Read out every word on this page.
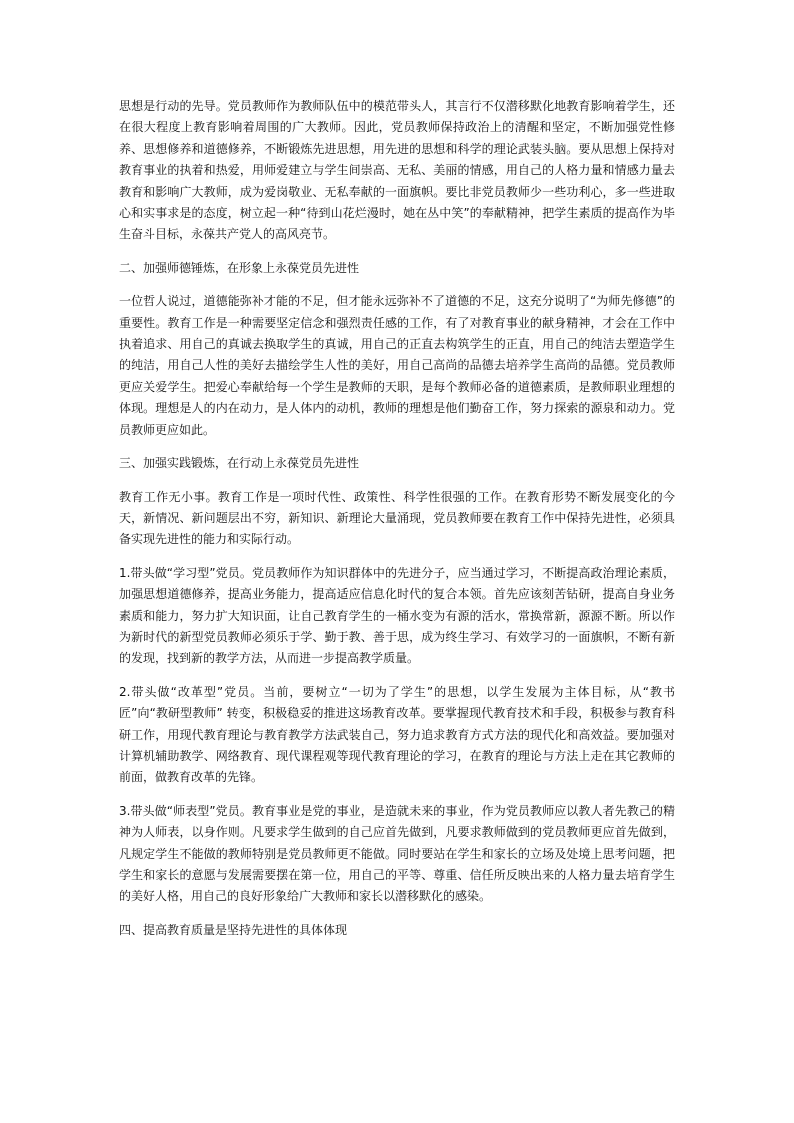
思想是行动的先导。党员教师作为教师队伍中的模范带头人，其言行不仅潜移默化地教育影响着学生，还在很大程度上教育影响着周围的广大教师。因此，党员教师保持政治上的清醒和坚定，不断加强党性修养、思想修养和道德修养，不断锻炼先进思想，用先进的思想和科学的理论武装头脑。要从思想上保持对教育事业的执着和热爱，用师爱建立与学生间崇高、无私、美丽的情感，用自己的人格力量和情感力量去教育和影响广大教师，成为爱岗敬业、无私奉献的一面旗帜。要比非党员教师少一些功利心，多一些进取心和实事求是的态度，树立起一种“待到山花烂漫时，她在丛中笑”的奉献精神，把学生素质的提高作为毕生奋斗目标，永葆共产党人的高风亮节。

二、加强师德锤炼，在形象上永葆党员先进性

一位哲人说过，道德能弥补才能的不足，但才能永远弥补不了道德的不足，这充分说明了“为师先修德”的重要性。教育工作是一种需要坚定信念和强烈责任感的工作，有了对教育事业的献身精神，才会在工作中执着追求、用自己的真诚去换取学生的真诚，用自己的正直去构筑学生的正直，用自己的纯洁去塑造学生的纯洁，用自己人性的美好去描绘学生人性的美好，用自己高尚的品德去培养学生高尚的品德。党员教师更应关爱学生。把爱心奉献给每一个学生是教师的天职，是每个教师必备的道德素质，是教师职业理想的体现。理想是人的内在动力，是人体内的动机，教师的理想是他们勤奋工作，努力探索的源泉和动力。党员教师更应如此。

三、加强实践锻炼，在行动上永葆党员先进性

教育工作无小事。教育工作是一项时代性、政策性、科学性很强的工作。在教育形势不断发展变化的今天，新情况、新问题层出不穷，新知识、新理论大量涌现，党员教师要在教育工作中保持先进性，必须具备实现先进性的能力和实际行动。

1.带头做“学习型”党员。党员教师作为知识群体中的先进分子，应当通过学习，不断提高政治理论素质，加强思想道德修养，提高业务能力，提高适应信息化时代的复合本领。首先应该刻苦钻研，提高自身业务素质和能力，努力扩大知识面，让自己教育学生的一桶水变为有源的活水，常换常新，源源不断。所以作为新时代的新型党员教师必须乐于学、勤于教、善于思，成为终生学习、有效学习的一面旗帜，不断有新的发现，找到新的教学方法，从而进一步提高教学质量。

2.带头做“改革型”党员。当前，要树立“一切为了学生”的思想，以学生发展为主体目标，从“教书匠”向“教研型教师” 转变，积极稳妥的推进这场教育改革。要掌握现代教育技术和手段，积极参与教育科研工作，用现代教育理论与教育教学方法武装自己，努力追求教育方式方法的现代化和高效益。要加强对计算机辅助教学、网络教育、现代课程观等现代教育理论的学习，在教育的理论与方法上走在其它教师的前面，做教育改革的先锋。

3.带头做“师表型”党员。教育事业是党的事业，是造就未来的事业，作为党员教师应以教人者先教己的精神为人师表，以身作则。凡要求学生做到的自己应首先做到，凡要求教师做到的党员教师更应首先做到，凡规定学生不能做的教师特别是党员教师更不能做。同时要站在学生和家长的立场及处境上思考问题，把学生和家长的意愿与发展需要摆在第一位，用自己的平等、尊重、信任所反映出来的人格力量去培育学生的美好人格，用自己的良好形象给广大教师和家长以潜移默化的感染。

四、提高教育质量是坚持先进性的具体体现
